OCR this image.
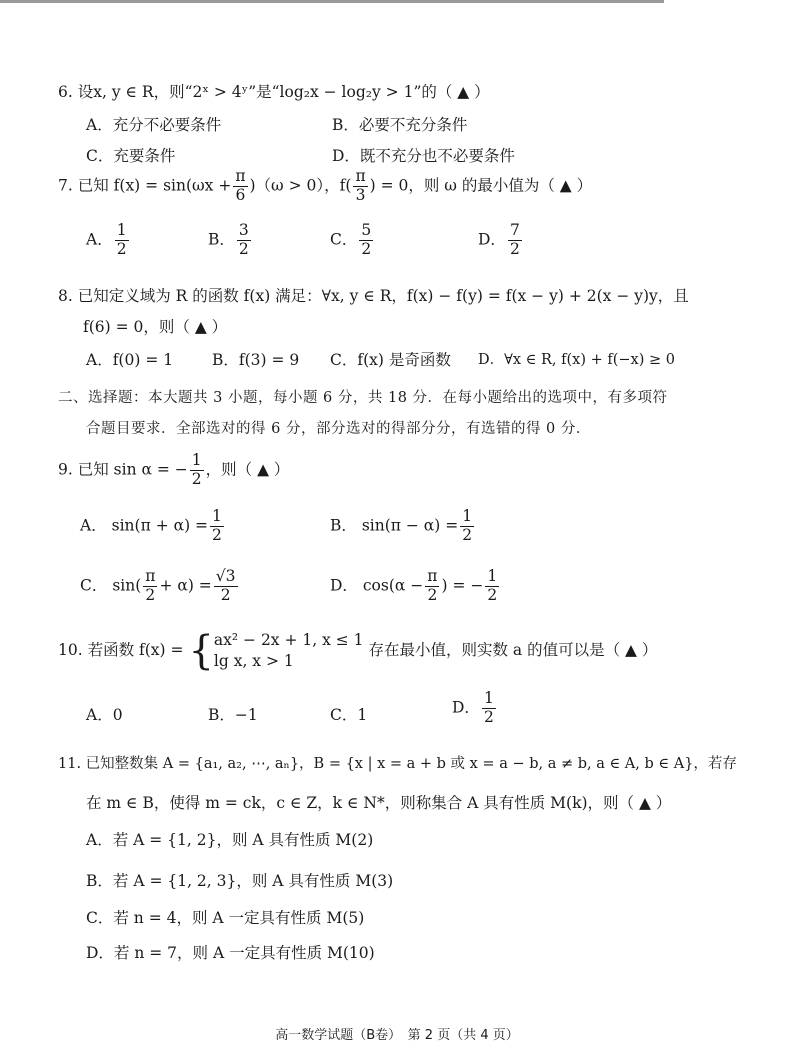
6. 设x, y ∈ R，则“2ˣ > 4ʸ”是“log₂x − log₂y > 1”的（ ▲ ）
A．充分不必要条件	B．必要不充分条件
C．充要条件	D．既不充分也不必要条件
7. 已知 $f(x) = \sin(\omega x + \frac{\pi}{6} )(\omega > 0)$，$f( \frac{\pi}{3}$ ) = 0，则 ω 的最小值为（ ▲ ）
A． $\frac{1}{2}$	B． $\frac{3}{2}$	C． $\frac{5}{2}$	D． $\frac{7}{2}$
8. 已知定义域为 R 的函数 f(x) 满足：∀x, y ∈ R，f(x) − f(y) = f(x − y) + 2(x − y)y，且
f(6) = 0，则（ ▲ ）
A．f(0) = 1	B．f(3) = 9 C．f(x) 是奇函数 D．∀x ∈ R, f(x) + f(−x) ≥ 0
二、选择题：本大题共 3 小题，每小题 6 分，共 18 分．在每小题给出的选项中，有多项符
合题目要求．全部选对的得 6 分，部分选对的得部分分，有选错的得 0 分．
9. 已知 sin α = − $\frac{1}{2}$ ，则（ ▲ ）
A． $\sin(\pi + \alpha) = \frac{1}{2}$	B． $\sin(\pi - \alpha) = \frac{1}{2}$
C． $\sin( \frac{\pi}{2} + \alpha) = \frac{√3}{2}$	D． $\cos(\alpha - \frac{\pi}{2}$ ) = − $\frac{1}{2}$
10. 若函数 f(x) = { ax² − 2x + 1, x ≤ 1
lg x, x > 1
存在最小值，则实数 a 的值可以是（ ▲ ）
A．0	B．−1	C．1	D． $\frac{1}{2}$
11. 已知整数集 A = {a₁, a₂, ⋯, aₙ}，B = {x | x = a + b 或 x = a − b, a ≠ b, a ∈ A, b ∈ A}，若存
在 m ∈ B，使得 m = ck，c ∈ Z，k ∈ N*，则称集合 A 具有性质 M(k)，则（ ▲ ）
A．若 A = {1, 2}，则 A 具有性质 M(2)
B．若 A = {1, 2, 3}，则 A 具有性质 M(3)
C．若 n = 4，则 A 一定具有性质 M(5)
D．若 n = 7，则 A 一定具有性质 M(10)
高一数学试题（B卷）　第 2 页（共 4 页）
